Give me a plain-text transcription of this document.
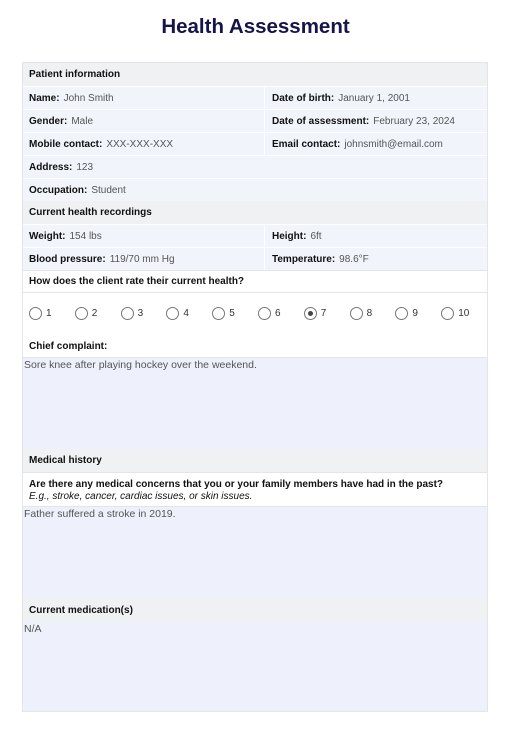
Health Assessment
Patient information
Name: John Smith	Date of birth: January 1, 2001
Gender: Male	Date of assessment: February 23, 2024
Mobile contact: XXX-XXX-XXX	Email contact: johnsmith@email.com
Address: 123
Occupation: Student
Current health recordings
Weight: 154 lbs	Height: 6ft
Blood pressure: 119/70 mm Hg	Temperature: 98.6°F
How does the client rate their current health?
1	2	3	4	5	6	7	8	9	10
Chief complaint:
Sore knee after playing hockey over the weekend.
Medical history
Are there any medical concerns that you or your family members have had in the past?
E.g., stroke, cancer, cardiac issues, or skin issues.
Father suffered a stroke in 2019.
Current medication(s)
N/A
